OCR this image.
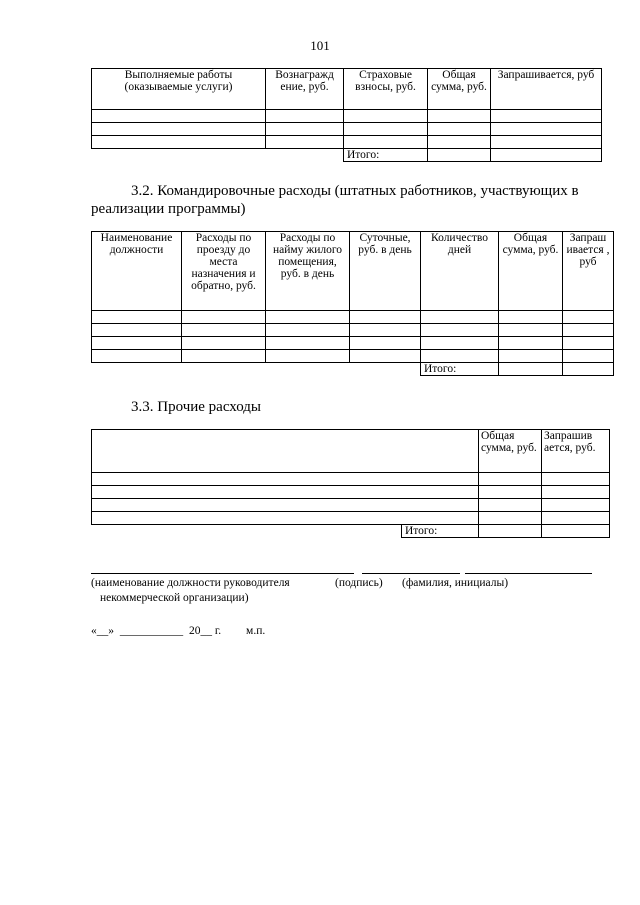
101
Выполняемые работы (оказываемые услуги)	Вознагражд ение, руб.	Страховые взносы, руб.	Общая сумма, руб.	Запрашивается, руб

		Итого:		
3.2. Командировочные расходы (штатных работников, участвующих в
реализации программы)
Наименование должности	Расходы по проезду до места назначения и обратно, руб.	Расходы по найму жилого помещения, руб. в день	Суточные, руб. в день	Количество дней	Общая сумма, руб.	Запраш ивается , руб

				Итого:		
3.3. Прочие расходы
		Общая сумма, руб.	Запрашив ается, руб.

	Итого:		
(наименование должности руководителя
некоммерческой организации)
(подпись) (фамилия, инициалы)
«__» ___________ 20__ г. м.п.
